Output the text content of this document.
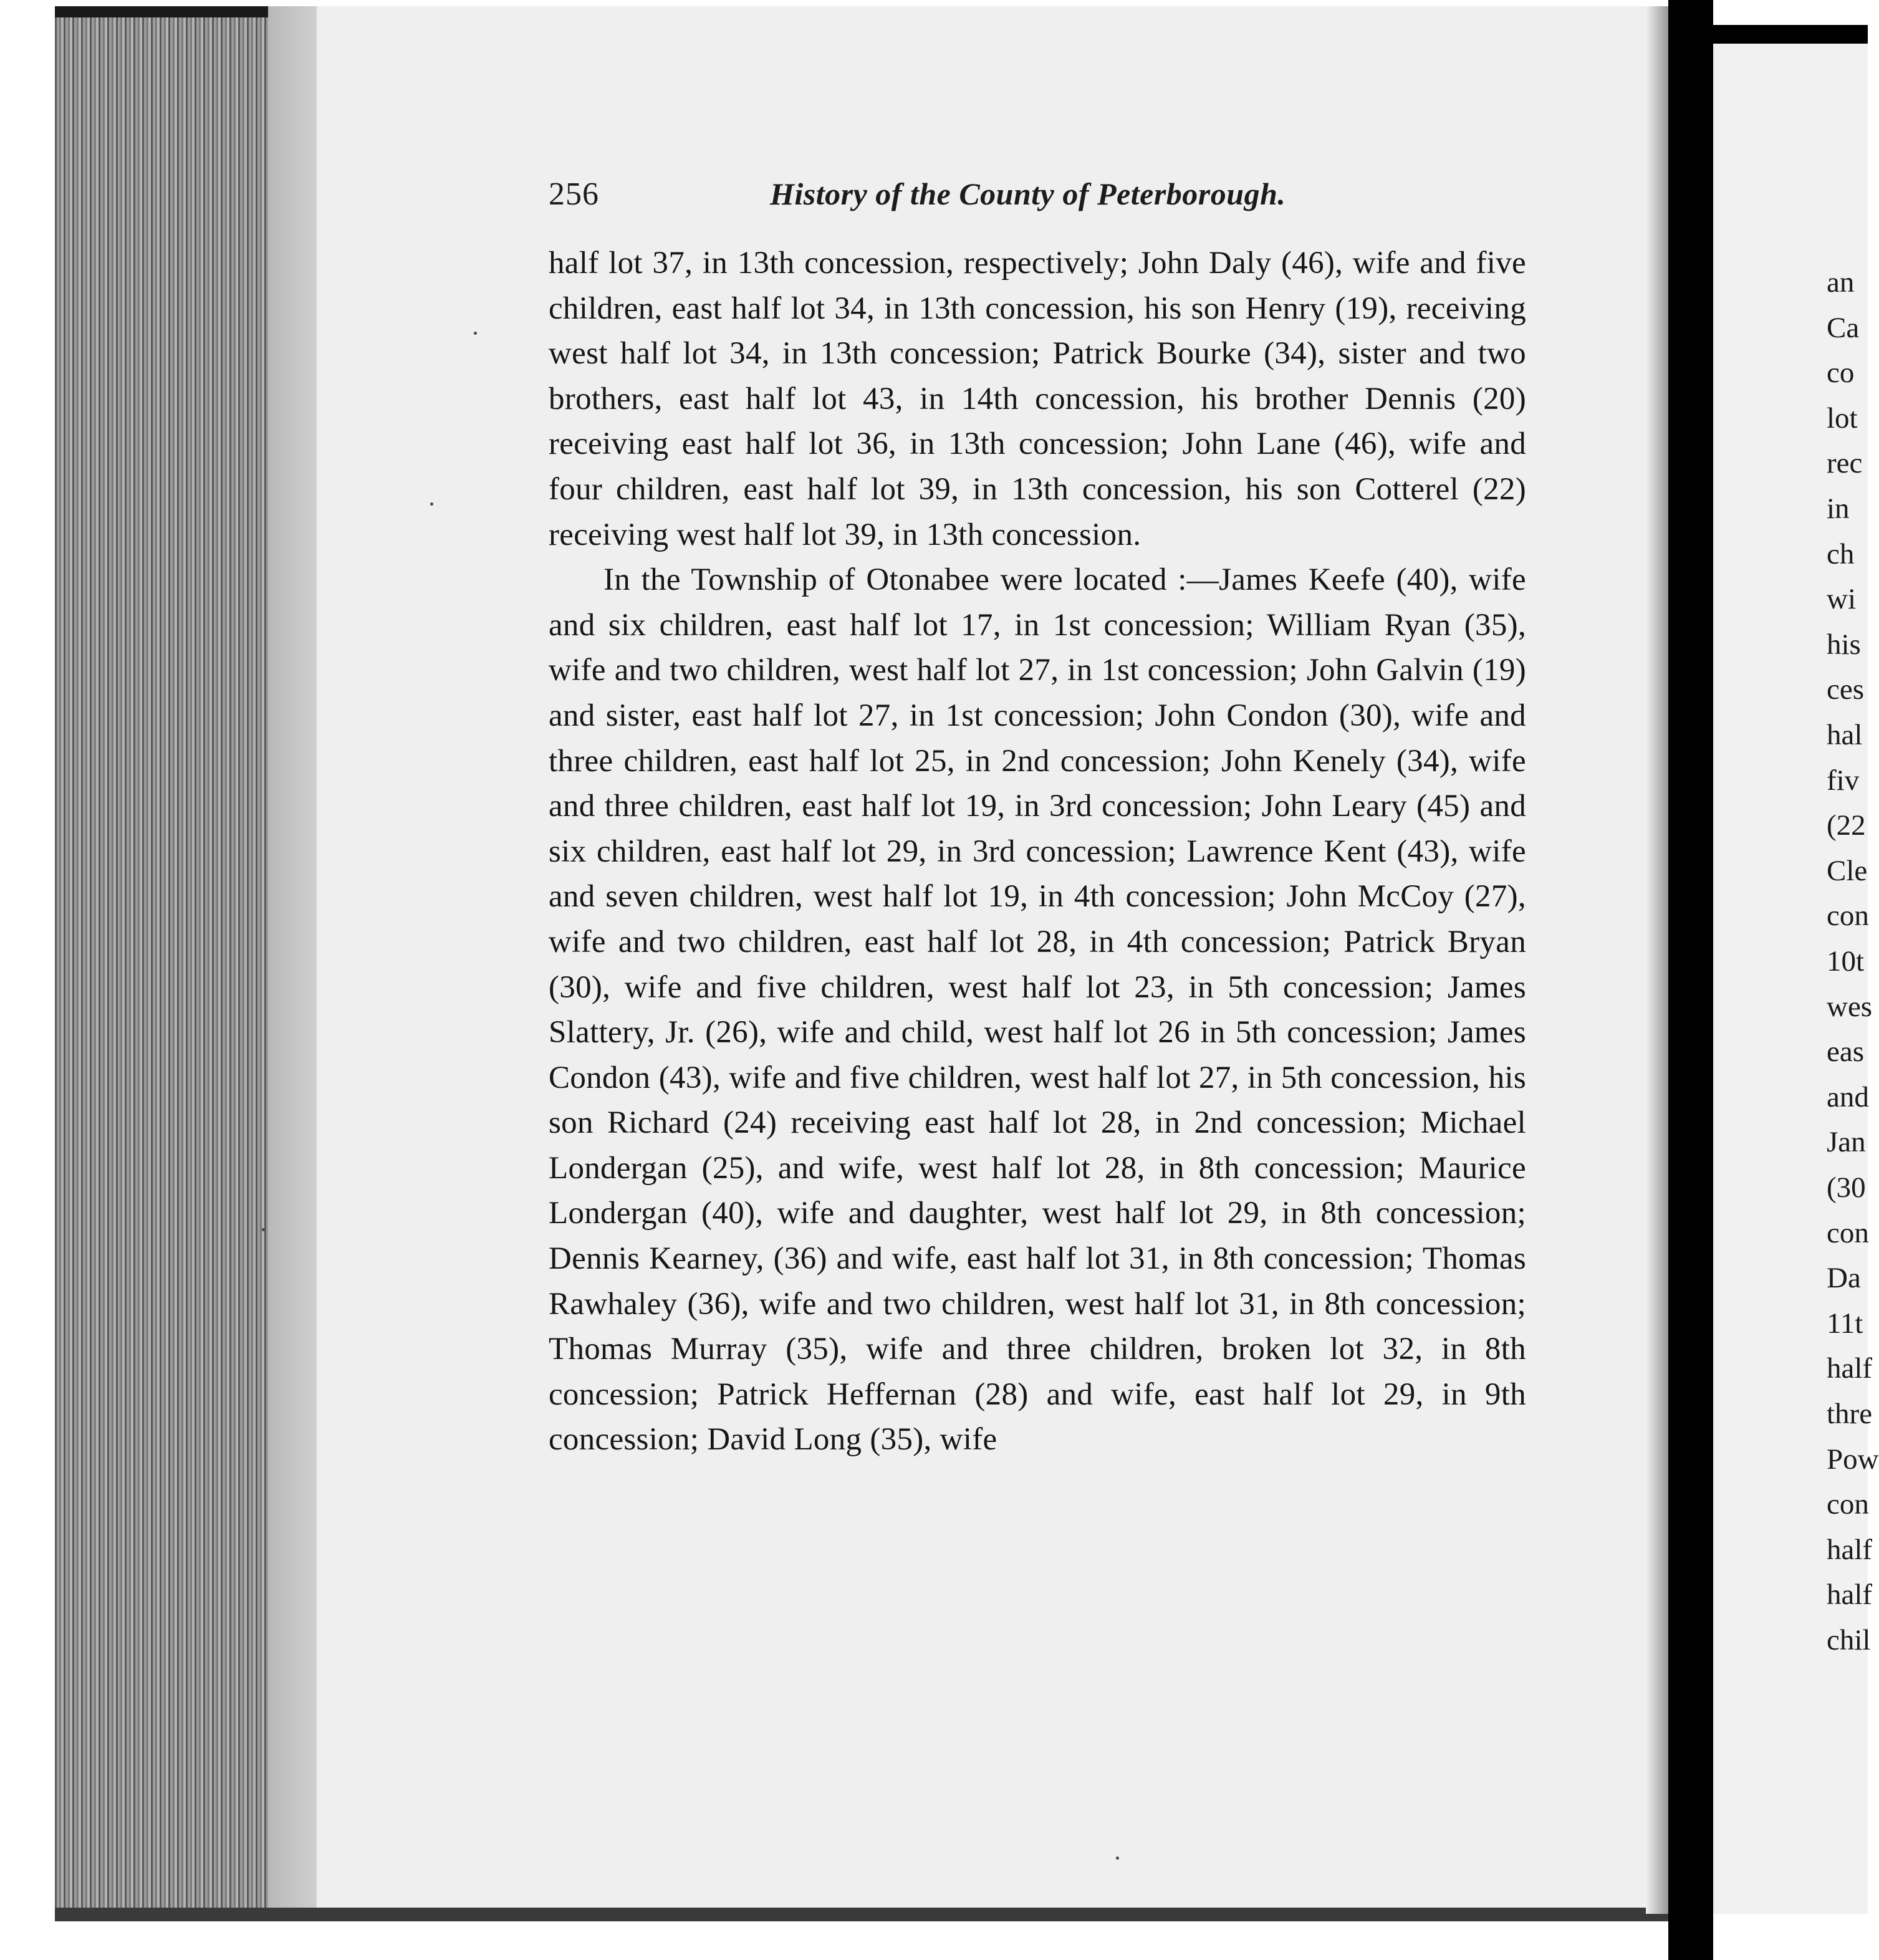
an
Ca
co
lot
rec
in
ch
wi
his
ces
hal
fiv
(22
Cle
con
10t
wes
eas
and
Jan
(30
con
Da
11t
half
thre
Pow
con
half
half
chil
256	History of the County of Peterborough.

half lot 37, in 13th concession, respectively; John Daly (46), wife and five children, east half lot 34, in 13th concession, his son Henry (19), receiving west half lot 34, in 13th concession; Patrick Bourke (34), sister and two brothers, east half lot 43, in 14th concession, his brother Dennis (20) receiving east half lot 36, in 13th concession; John Lane (46), wife and four children, east half lot 39, in 13th concession, his son Cotterel (22) receiving west half lot 39, in 13th concession.

In the Township of Otonabee were located :—James Keefe (40), wife and six children, east half lot 17, in 1st concession; William Ryan (35), wife and two children, west half lot 27, in 1st concession; John Galvin (19) and sister, east half lot 27, in 1st concession; John Condon (30), wife and three children, east half lot 25, in 2nd concession; John Kenely (34), wife and three children, east half lot 19, in 3rd concession; John Leary (45) and six children, east half lot 29, in 3rd concession; Lawrence Kent (43), wife and seven children, west half lot 19, in 4th concession; John McCoy (27), wife and two children, east half lot 28, in 4th concession; Patrick Bryan (30), wife and five children, west half lot 23, in 5th concession; James Slattery, Jr. (26), wife and child, west half lot 26 in 5th concession; James Condon (43), wife and five children, west half lot 27, in 5th concession, his son Richard (24) receiving east half lot 28, in 2nd concession; Michael Londergan (25), and wife, west half lot 28, in 8th concession; Maurice Londergan (40), wife and daughter, west half lot 29, in 8th concession; Dennis Kearney, (36) and wife, east half lot 31, in 8th concession; Thomas Rawhaley (36), wife and two children, west half lot 31, in 8th concession; Thomas Murray (35), wife and three children, broken lot 32, in 8th concession; Patrick Heffernan (28) and wife, east half lot 29, in 9th concession; David Long (35), wife
